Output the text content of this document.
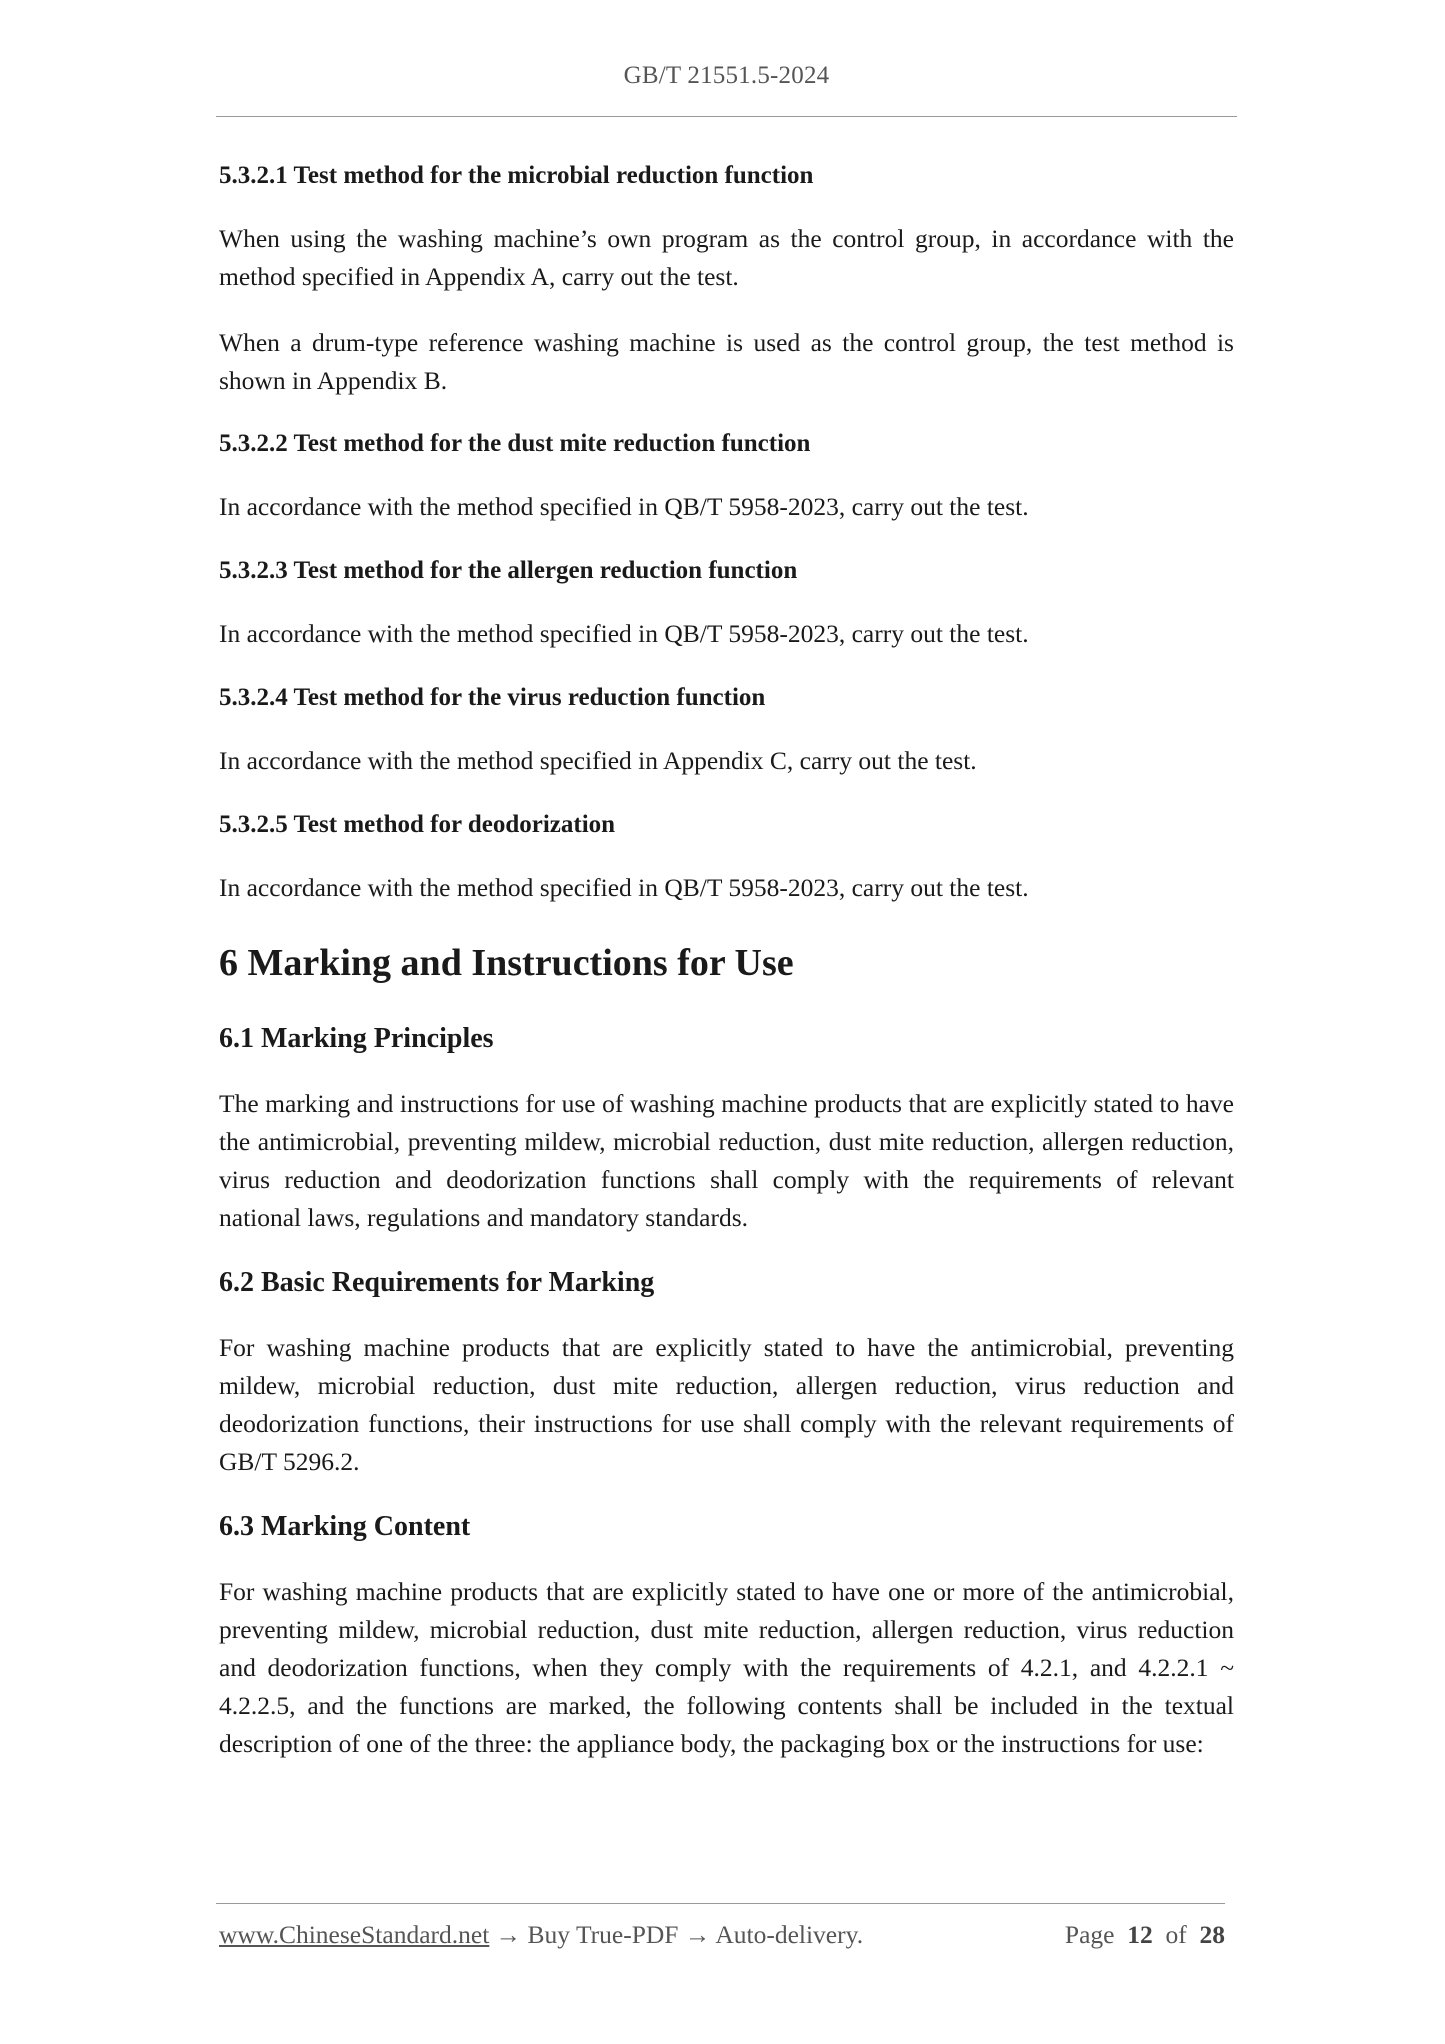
GB/T 21551.5-2024
5.3.2.1 Test method for the microbial reduction function
When using the washing machine’s own program as the control group, in accordance with the method specified in Appendix A, carry out the test.
When a drum-type reference washing machine is used as the control group, the test method is shown in Appendix B.
5.3.2.2 Test method for the dust mite reduction function
In accordance with the method specified in QB/T 5958-2023, carry out the test.
5.3.2.3 Test method for the allergen reduction function
In accordance with the method specified in QB/T 5958-2023, carry out the test.
5.3.2.4 Test method for the virus reduction function
In accordance with the method specified in Appendix C, carry out the test.
5.3.2.5 Test method for deodorization
In accordance with the method specified in QB/T 5958-2023, carry out the test.
6 Marking and Instructions for Use
6.1 Marking Principles
The marking and instructions for use of washing machine products that are explicitly stated to have the antimicrobial, preventing mildew, microbial reduction, dust mite reduction, allergen reduction, virus reduction and deodorization functions shall comply with the requirements of relevant national laws, regulations and mandatory standards.
6.2 Basic Requirements for Marking
For washing machine products that are explicitly stated to have the antimicrobial, preventing mildew, microbial reduction, dust mite reduction, allergen reduction, virus reduction and deodorization functions, their instructions for use shall comply with the relevant requirements of GB/T 5296.2.
6.3 Marking Content
For washing machine products that are explicitly stated to have one or more of the antimicrobial, preventing mildew, microbial reduction, dust mite reduction, allergen reduction, virus reduction and deodorization functions, when they comply with the requirements of 4.2.1, and 4.2.2.1 ~ 4.2.2.5, and the functions are marked, the following contents shall be included in the textual description of one of the three: the appliance body, the packaging box or the instructions for use:
www.ChineseStandard.net → Buy True-PDF → Auto-delivery.	Page 12 of 28
